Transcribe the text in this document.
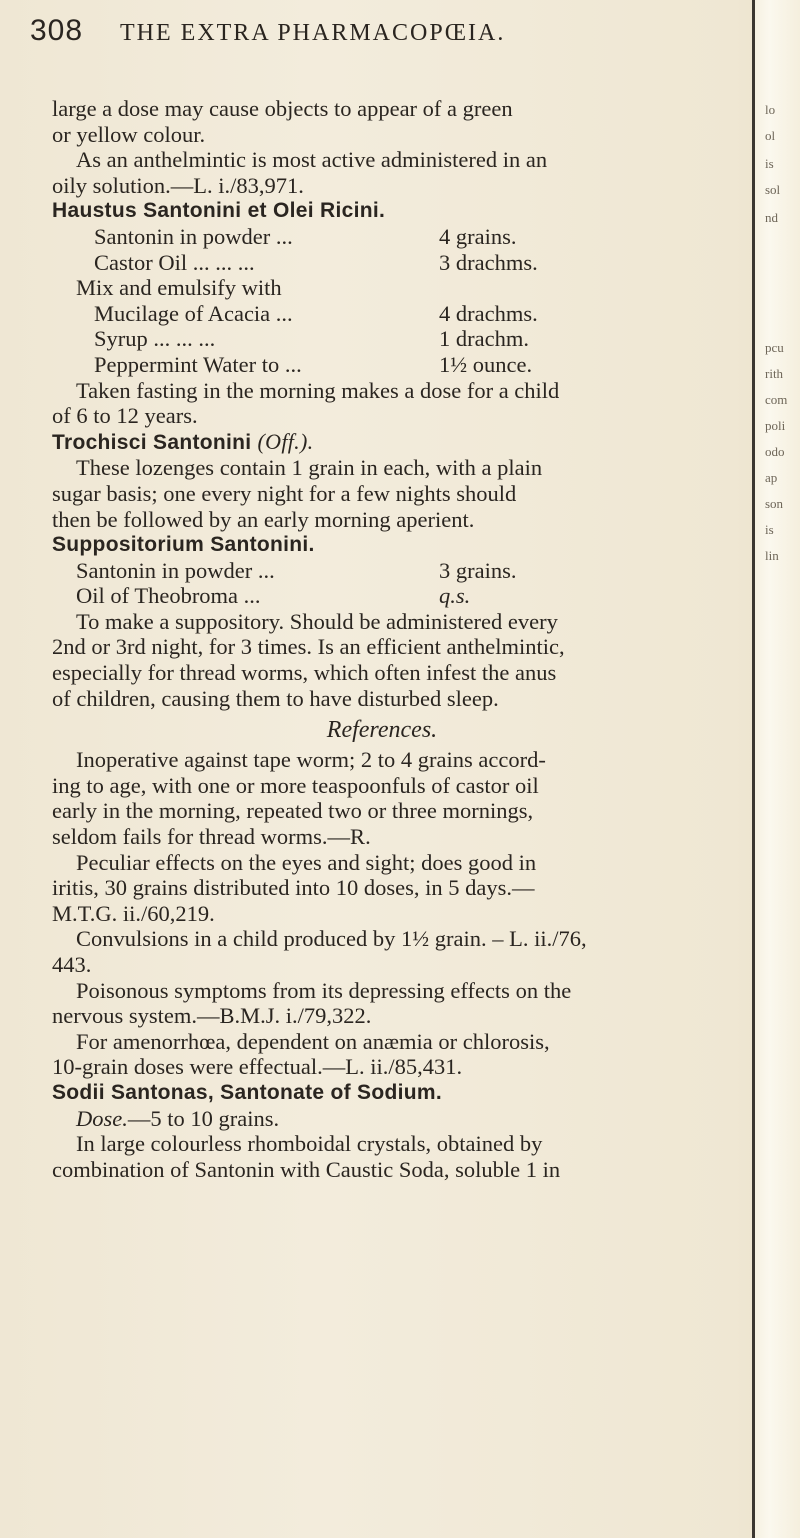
308 THE EXTRA PHARMACOPŒIA.

large a dose may cause objects to appear of a green

or yellow colour.

As an anthelmintic is most active administered in an

oily solution.—L. i./83,971.

Haustus Santonini et Olei Ricini.

Santonin in powder ...	4 grains.
Castor Oil ... ... ...	3 drachms.

Mix and emulsify with

Mucilage of Acacia ...	4 drachms.
Syrup ... ... ...	1 drachm.
Peppermint Water to ...	1½ ounce.

Taken fasting in the morning makes a dose for a child

of 6 to 12 years.

Trochisci Santonini (Off.).

These lozenges contain 1 grain in each, with a plain

sugar basis; one every night for a few nights should

then be followed by an early morning aperient.

Suppositorium Santonini.

Santonin in powder ...	3 grains.
Oil of Theobroma ...	q.s.

To make a suppository. Should be administered every

2nd or 3rd night, for 3 times. Is an efficient anthelmintic,

especially for thread worms, which often infest the anus

of children, causing them to have disturbed sleep.

References.

Inoperative against tape worm; 2 to 4 grains accord-

ing to age, with one or more teaspoonfuls of castor oil

early in the morning, repeated two or three mornings,

seldom fails for thread worms.—R.

Peculiar effects on the eyes and sight; does good in

iritis, 30 grains distributed into 10 doses, in 5 days.—

M.T.G. ii./60,219.

Convulsions in a child produced by 1½ grain. – L. ii./76,

443.

Poisonous symptoms from its depressing effects on the

nervous system.—B.M.J. i./79,322.

For amenorrhœa, dependent on anæmia or chlorosis,

10-grain doses were effectual.—L. ii./85,431.

Sodii Santonas, Santonate of Sodium.

Dose.—5 to 10 grains.

In large colourless rhomboidal crystals, obtained by

combination of Santonin with Caustic Soda, soluble 1 in

lo
ol
is
sol
nd
pcu
rith
com
poli
odo
ap
son
is
lin
